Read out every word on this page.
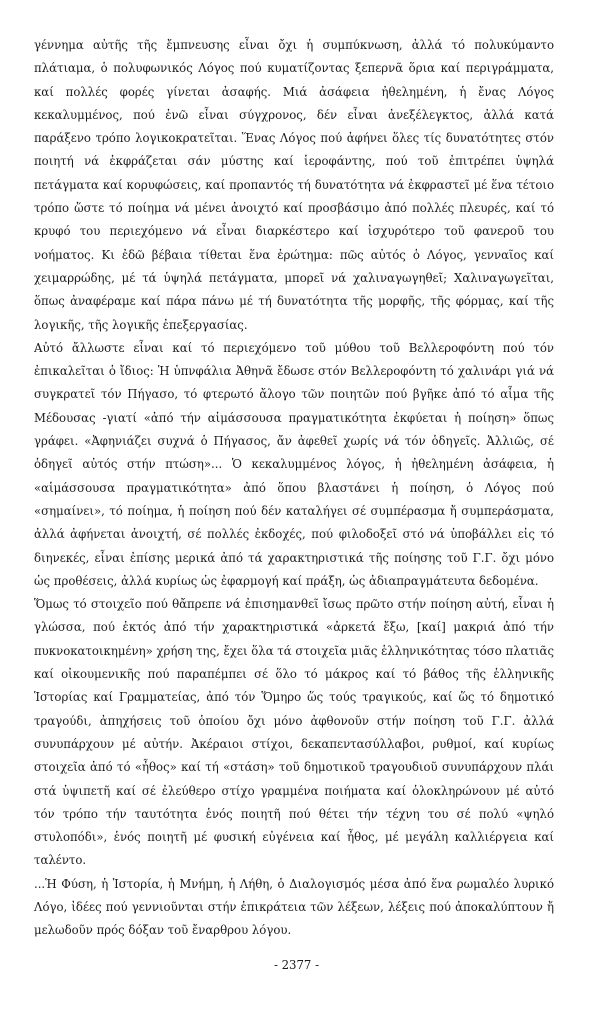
γέννημα αὐτῆς τῆς ἔμπνευσης εἶναι ὄχι ἡ συμπύκνωση, ἀλλά τό πολυκύμαντο πλάτιαμα, ὁ πολυφωνικός Λόγος πού κυματίζοντας ξεπερνᾶ ὅρια καί περιγράμματα, καί πολλές φορές γίνεται ἀσαφής. Μιά ἀσάφεια ἠθελημένη, ἡ ἔνας Λόγος κεκαλυμμένος, πού ἐνῶ εἶναι σύγχρονος, δέν εἶναι ἀνεξέλεγκτος, ἀλλά κατά παράξενο τρόπο λογικοκρατεῖται. Ἕνας Λόγος πού ἀφήνει ὅλες τίς δυνατότητες στόν ποιητή νά ἐκφράζεται σάν μύστης καί ἱεροφάντης, πού τοῦ ἐπιτρέπει ὑψηλά πετάγματα καί κορυφώσεις, καί προπαντός τή δυνατότητα νά ἐκφραστεῖ μέ ἕνα τέτοιο τρόπο ὥστε τό ποίημα νά μένει ἀνοιχτό καί προσβάσιμο ἀπό πολλές πλευρές, καί τό κρυφό του περιεχόμενο νά εἶναι διαρκέστερο καί ἰσχυρότερο τοῦ φανεροῦ του νοήματος. Κι ἐδῶ βέβαια τίθεται ἕνα ἐρώτημα: πῶς αὐτός ὁ Λόγος, γενναῖος καί χειμαρρώδης, μέ τά ὑψηλά πετάγματα, μπορεῖ νά χαλιναγωγηθεῖ; Χαλιναγωγεῖται, ὅπως ἀναφέραμε καί πάρα πάνω μέ τή δυνατότητα τῆς μορφῆς, τῆς φόρμας, καί τῆς λογικῆς, τῆς λογικῆς ἐπεξεργασίας.

Αὐτό ἄλλωστε εἶναι καί τό περιεχόμενο τοῦ μύθου τοῦ Βελλεροφόντη πού τόν ἐπικαλεῖται ὁ ἴδιος: Ἡ ὑπνφάλια Ἀθηνᾶ ἔδωσε στόν Βελλεροφόντη τό χαλινάρι γιά νά συγκρατεῖ τόν Πήγασο, τό φτερωτό ἄλογο τῶν ποιητῶν πού βγῆκε ἀπό τό αἷμα τῆς Μέδουσας -γιατί «ἀπό τήν αἱμάσσουσα πραγματικότητα ἐκφύεται ἡ ποίηση» ὅπως γράφει. «Ἀφηνιάζει συχνά ὁ Πήγασος, ἄν ἀφεθεῖ χωρίς νά τόν ὁδηγεῖς. Ἀλλιῶς, σέ ὁδηγεῖ αὐτός στήν πτώση»... Ὁ κεκαλυμμένος λόγος, ἡ ἠθελημένη ἀσάφεια, ἡ «αἱμάσσουσα πραγματικότητα» ἀπό ὅπου βλαστάνει ἡ ποίηση, ὁ Λόγος πού «σημαίνει», τό ποίημα, ἡ ποίηση πού δέν καταλήγει σέ συμπέρασμα ἤ συμπεράσματα, ἀλλά ἀφήνεται ἀνοιχτή, σέ πολλές ἐκδοχές, πού φιλοδοξεῖ στό νά ὑποβάλλει εἰς τό διηνεκές, εἶναι ἐπίσης μερικά ἀπό τά χαρακτηριστικά τῆς ποίησης τοῦ Γ.Γ. ὄχι μόνο ὡς προθέσεις, ἀλλά κυρίως ὡς ἐφαρμογή καί πράξη, ὡς ἀδιαπραγμάτευτα δεδομένα.

Ὅμως τό στοιχεῖο πού θἄπρεπε νά ἐπισημανθεῖ ἴσως πρῶτο στήν ποίηση αὐτή, εἶναι ἡ γλώσσα, πού ἐκτός ἀπό τήν χαρακτηριστικά «ἀρκετά ἔξω, [καί] μακριά ἀπό τήν πυκνοκατοικημένη» χρήση της, ἔχει ὅλα τά στοιχεῖα μιᾶς ἑλληνικότητας τόσο πλατιᾶς καί οἰκουμενικῆς πού παραπέμπει σέ ὅλο τό μάκρος καί τό βάθος τῆς ἑλληνικῆς Ἱστορίας καί Γραμματείας, ἀπό τόν Ὅμηρο ὥς τούς τραγικούς, καί ὥς τό δημοτικό τραγούδι, ἀπηχήσεις τοῦ ὁποίου ὄχι μόνο ἀφθονοῦν στήν ποίηση τοῦ Γ.Γ. ἀλλά συνυπάρχουν μέ αὐτήν. Ἀκέραιοι στίχοι, δεκαπεντασύλλαβοι, ρυθμοί, καί κυρίως στοιχεῖα ἀπό τό «ἦθος» καί τή «στάση» τοῦ δημοτικοῦ τραγουδιοῦ συνυπάρχουν πλάι στά ὑψιπετῆ καί σέ ἐλεύθερο στίχο γραμμένα ποιήματα καί ὁλοκληρώνουν μέ αὐτό τόν τρόπο τήν ταυτότητα ἑνός ποιητῆ πού θέτει τήν τέχνη του σέ πολύ «ψηλό στυλοπόδι», ἑνός ποιητῆ μέ φυσική εὐγένεια καί ἦθος, μέ μεγάλη καλλιέργεια καί ταλέντο.

...Ἡ Φύση, ἡ Ἱστορία, ἡ Μνήμη, ἡ Λήθη, ὁ Διαλογισμός μέσα ἀπό ἕνα ρωμαλέο λυρικό Λόγο, ἰδέες πού γεννιοῦνται στήν ἐπικράτεια τῶν λέξεων, λέξεις πού ἀποκαλύπτουν ἤ μελωδοῦν πρός δόξαν τοῦ ἔναρθρου λόγου.

- 2377 -
